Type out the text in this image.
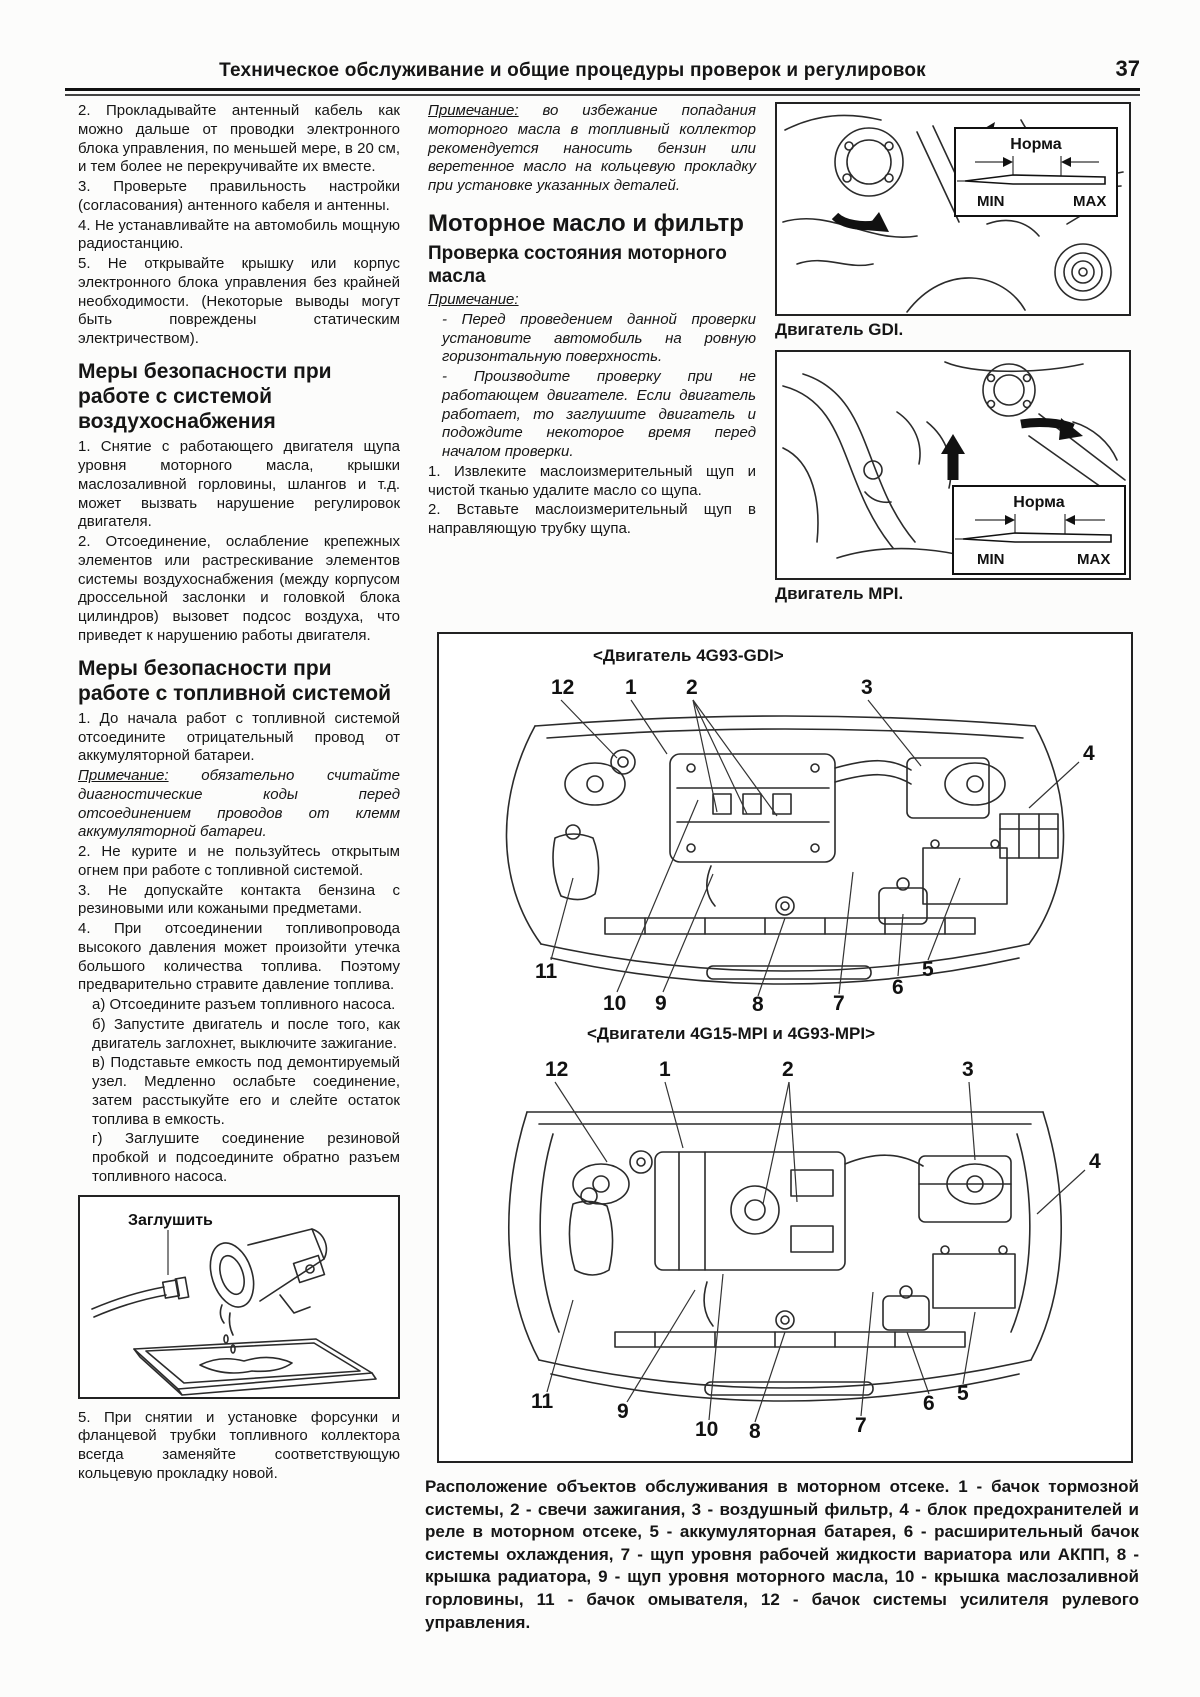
Техническое обслуживание и общие процедуры проверок и регулировок	37

2. Прокладывайте антенный кабель как можно дальше от проводки электронного блока управления, по меньшей мере, в 20 см, и тем более не перекручивайте их вместе.

3. Проверьте правильность настройки (согласования) антенного кабеля и антенны.

4. Не устанавливайте на автомобиль мощную радиостанцию.

5. Не открывайте крышку или корпус электронного блока управления без крайней необходимости. (Некоторые выводы могут быть повреждены статическим электричеством).

Меры безопасности при работе с системой воздухоснабжения

1. Снятие с работающего двигателя щупа уровня моторного масла, крышки маслозаливной горловины, шлангов и т.д. может вызвать нарушение регулировок двигателя.

2. Отсоединение, ослабление крепежных элементов или растрескивание элементов системы воздухоснабжения (между корпусом дроссельной заслонки и головкой блока цилиндров) вызовет подсос воздуха, что приведет к нарушению работы двигателя.

Меры безопасности при работе с топливной системой

1. До начала работ с топливной системой отсоедините отрицательный провод от аккумуляторной батареи.

Примечание: обязательно считайте диагностические коды перед отсоединением проводов от клемм аккумуляторной батареи.

2. Не курите и не пользуйтесь открытым огнем при работе с топливной системой.

3. Не допускайте контакта бензина с резиновыми или кожаными предметами.

4. При отсоединении топливопровода высокого давления может произойти утечка большого количества топлива. Поэтому предварительно стравите давление топлива.

а) Отсоедините разъем топливного насоса.

б) Запустите двигатель и после того, как двигатель заглохнет, выключите зажигание.

в) Подставьте емкость под демонтируемый узел. Медленно ослабьте соединение, затем расстыкуйте его и слейте остаток топлива в емкость.

г) Заглушите соединение резиновой пробкой и подсоедините обратно разъем топливного насоса.

Заглушить

5. При снятии и установке форсунки и фланцевой трубки топливного коллектора всегда заменяйте соответствующую кольцевую прокладку новой.

Примечание: во избежание попадания моторного масла в топливный коллектор рекомендуется наносить бензин или веретенное масло на кольцевую прокладку при установке указанных деталей.

Моторное масло и фильтр
Проверка состояния моторного масла

Примечание:

- Перед проведением данной проверки установите автомобиль на ровную горизонтальную поверхность.

- Производите проверку при не работающем двигателе. Если двигатель работает, то заглушите двигатель и подождите некоторое время перед началом проверки.

1. Извлеките маслоизмерительный щуп и чистой тканью удалите масло со щупа.

2. Вставьте маслоизмерительный щуп в направляющую трубку щупа.

Норма
MIN	MAX
Двигатель GDI.
Норма
MIN	MAX
Двигатель MPI.
<Двигатель 4G93-GDI>
12 1 2	3
4
11
10 9	8	7
6
5
<Двигатели 4G15-MPI и 4G93-MPI>
12	1	2	3
4
11	9
10 8	7
6 5

Расположение объектов обслуживания в моторном отсеке. 1 - бачок тормозной системы, 2 - свечи зажигания, 3 - воздушный фильтр, 4 - блок предохранителей и реле в моторном отсеке, 5 - аккумуляторная батарея, 6 - расширительный бачок системы охлаждения, 7 - щуп уровня рабочей жидкости вариатора или АКПП, 8 - крышка радиатора, 9 - щуп уровня моторного масла, 10 - крышка маслозаливной горловины, 11 - бачок омывателя, 12 - бачок системы усилителя рулевого управления.
